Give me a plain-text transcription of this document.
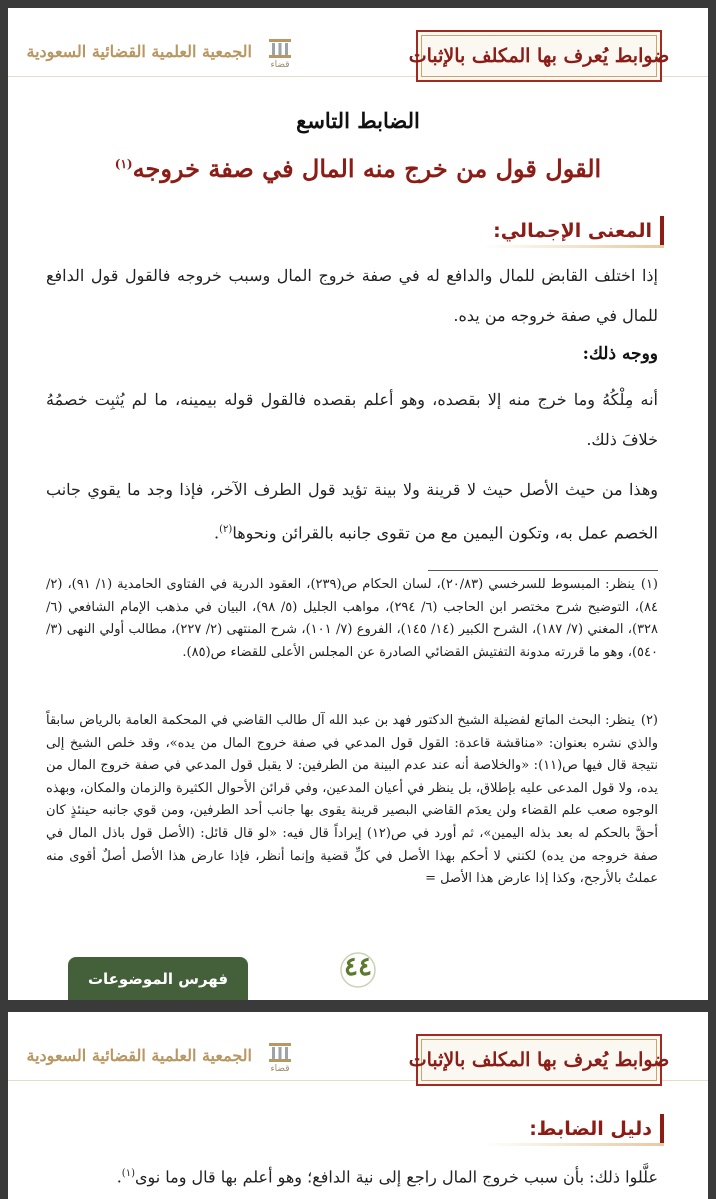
ضوابط يُعرف بها المكلف بالإثبات
قضاء
الجمعية العلمية القضائية السعودية
الضابط التاسع
القول قول من خرج منه المال في صفة خروجه$^{(١)}$
المعنى الإجمالي:
إذا اختلف القابض للمال والدافع له في صفة خروج المال وسبب خروجه فالقول قول الدافع للمال في صفة خروجه من يده.
ووجه ذلك:
أنه مِلْكُهُ وما خرج منه إلا بقصده، وهو أعلم بقصده فالقول قوله بيمينه، ما لم يُثبِت خصمُهُ خلافَ ذلك.
وهذا من حيث الأصل حيث لا قرينة ولا بينة تؤيد قول الطرف الآخر، فإذا وجد ما يقوي جانب الخصم عمل به، وتكون اليمين مع من تقوى جانبه بالقرائن ونحوها$^{(٢)}$.
(١)ينظر: المبسوط للسرخسي (٢٠/٨٣)، لسان الحكام ص(٢٣٩)، العقود الدرية في الفتاوى الحامدية (١/ ٩١)، (٢/ ٨٤)، التوضيح شرح مختصر ابن الحاجب (٦/ ٢٩٤)، مواهب الجليل (٥/ ٩٨)، البيان في مذهب الإمام الشافعي (٦/ ٣٢٨)، المغني (٧/ ١٨٧)، الشرح الكبير (١٤/ ١٤٥)، الفروع (٧/ ١٠١)، شرح المنتهى (٢/ ٢٢٧)، مطالب أولي النهى (٣/ ٥٤٠)، وهو ما قررته مدونة التفتيش القضائي الصادرة عن المجلس الأعلى للقضاء ص(٨٥).
(٢)ينظر: البحث الماتع لفضيلة الشيخ الدكتور فهد بن عبد الله آل طالب القاضي في المحكمة العامة بالرياض سابقاً والذي نشره بعنوان: «مناقشة قاعدة: القول قول المدعي في صفة خروج المال من يده»، وقد خلص الشيخ إلى نتيجة قال فيها ص(١١): «والخلاصة أنه عند عدم البينة من الطرفين: لا يقبل قول المدعي في صفة خروج المال من يده، ولا قول المدعى عليه بإطلاق، بل ينظر في أعيان المدعين، وفي قرائن الأحوال الكثيرة والزمان والمكان، وبهذه الوجوه صعب علم القضاء ولن يعدَم القاضي البصير قرينة يقوى بها جانب أحد الطرفين، ومن قوي جانبه حينئذٍ كان أحقَّ بالحكم له بعد بذله اليمين»، ثم أورد في ص(١٢) إيراداً قال فيه: «لو قال قائل: (الأصل قول باذل المال في صفة خروجه من يده) لكنني لا أحكم بهذا الأصل في كلِّ قضية وإنما أنظر، فإذا عارض هذا الأصل أصلٌ أقوى منه عملتُ بالأرجح، وكذا إذا عارض هذا الأصل =
٤٤
فهرس الموضوعات
ضوابط يُعرف بها المكلف بالإثبات
قضاء
الجمعية العلمية القضائية السعودية
دليل الضابط:
علَّلوا ذلك: بأن سبب خروج المال راجع إلى نية الدافع؛ وهو أعلم بها قال وما نوى$^{(١)}$.
